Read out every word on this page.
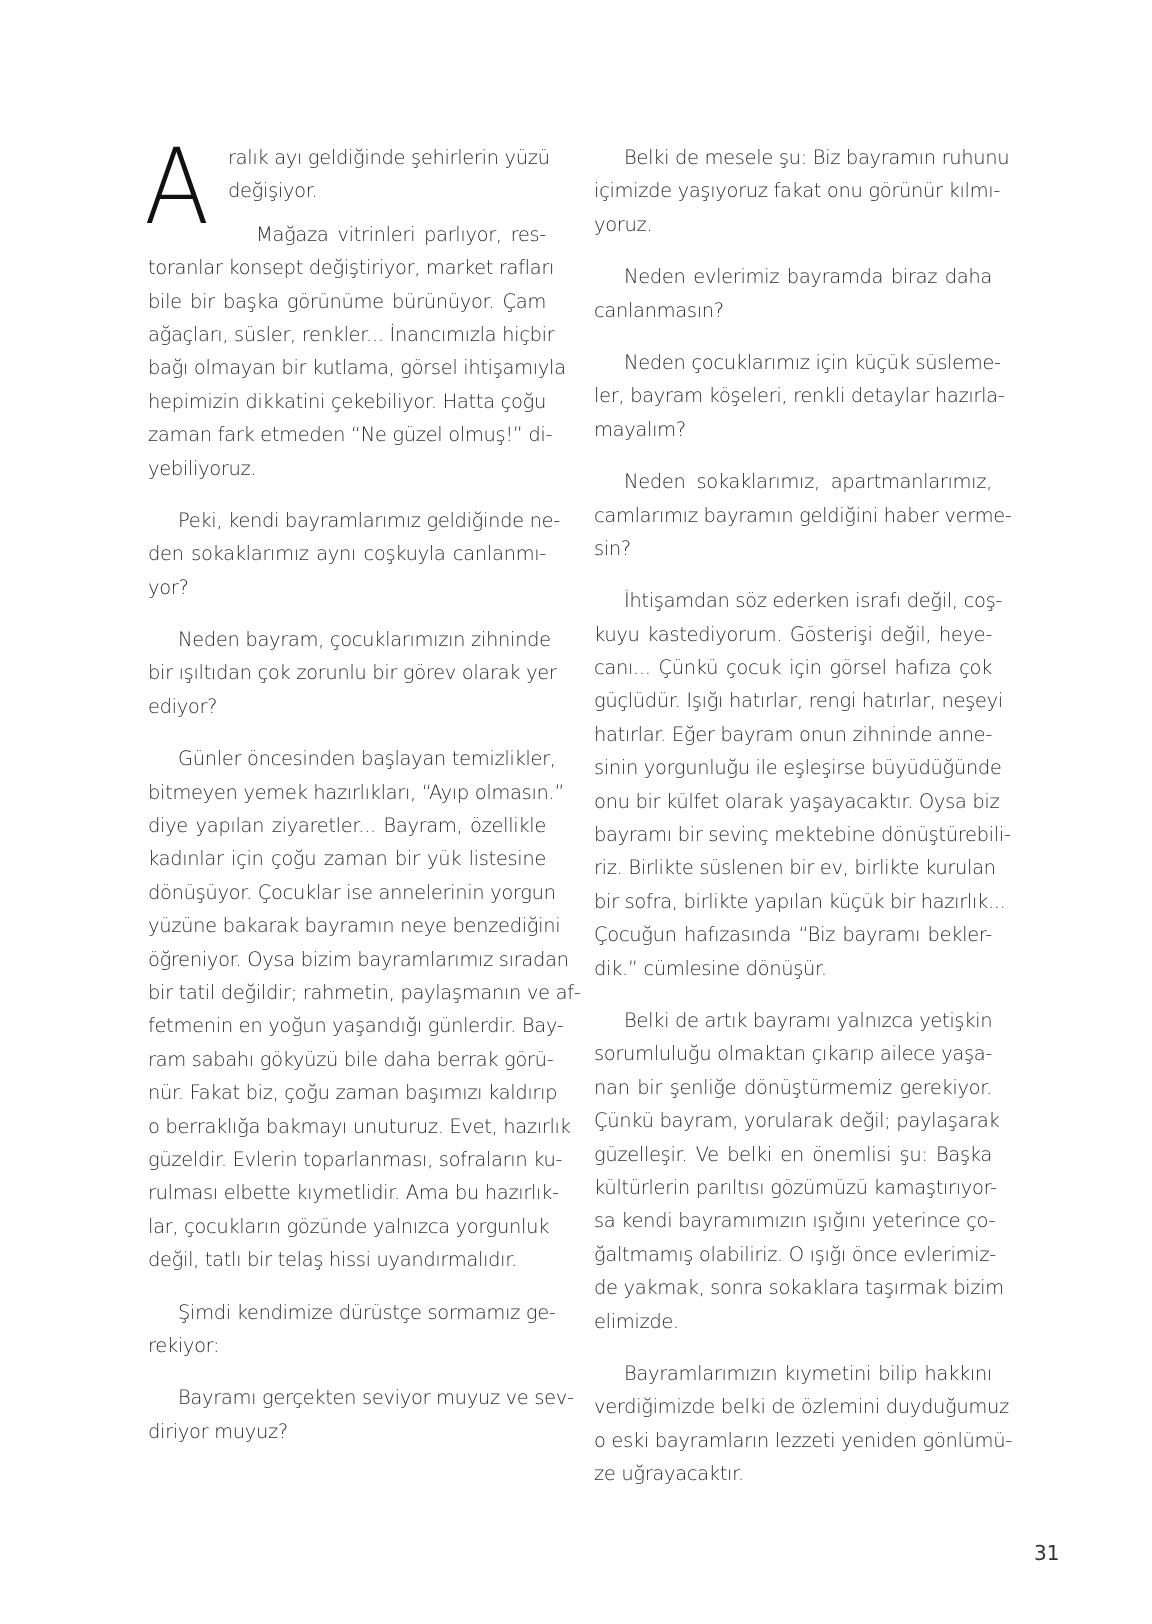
A ralık ayı geldiğinde şehirlerin yüzü
değişiyor.
Mağaza vitrinleri parlıyor, res-
toranlar konsept değiştiriyor, market rafları
bile bir başka görünüme bürünüyor. Çam
ağaçları, süsler, renkler... İnancımızla hiçbir
bağı olmayan bir kutlama, görsel ihtişamıyla
hepimizin dikkatini çekebiliyor. Hatta çoğu
zaman fark etmeden “Ne güzel olmuş!” di-
yebiliyoruz.
Peki, kendi bayramlarımız geldiğinde ne-
den sokaklarımız aynı coşkuyla canlanmı-
yor?
Neden bayram, çocuklarımızın zihninde
bir ışıltıdan çok zorunlu bir görev olarak yer
ediyor?
Günler öncesinden başlayan temizlikler,
bitmeyen yemek hazırlıkları, “Ayıp olmasın.”
diye yapılan ziyaretler... Bayram, özellikle
kadınlar için çoğu zaman bir yük listesine
dönüşüyor. Çocuklar ise annelerinin yorgun
yüzüne bakarak bayramın neye benzediğini
öğreniyor. Oysa bizim bayramlarımız sıradan
bir tatil değildir; rahmetin, paylaşmanın ve af-
fetmenin en yoğun yaşandığı günlerdir. Bay-
ram sabahı gökyüzü bile daha berrak görü-
nür. Fakat biz, çoğu zaman başımızı kaldırıp
o berraklığa bakmayı unuturuz. Evet, hazırlık
güzeldir. Evlerin toparlanması, sofraların ku-
rulması elbette kıymetlidir. Ama bu hazırlık-
lar, çocukların gözünde yalnızca yorgunluk
değil, tatlı bir telaş hissi uyandırmalıdır.
Şimdi kendimize dürüstçe sormamız ge-
rekiyor:
Bayramı gerçekten seviyor muyuz ve sev-
diriyor muyuz?
Belki de mesele şu: Biz bayramın ruhunu
içimizde yaşıyoruz fakat onu görünür kılmı-
yoruz.
Neden evlerimiz bayramda biraz daha
canlanmasın?
Neden çocuklarımız için küçük süsleme-
ler, bayram köşeleri, renkli detaylar hazırla-
mayalım?
Neden sokaklarımız, apartmanlarımız,
camlarımız bayramın geldiğini haber verme-
sin?
İhtişamdan söz ederken israfı değil, coş-
kuyu kastediyorum. Gösterişi değil, heye-
canı... Çünkü çocuk için görsel hafıza çok
güçlüdür. Işığı hatırlar, rengi hatırlar, neşeyi
hatırlar. Eğer bayram onun zihninde anne-
sinin yorgunluğu ile eşleşirse büyüdüğünde
onu bir külfet olarak yaşayacaktır. Oysa biz
bayramı bir sevinç mektebine dönüştürebili-
riz. Birlikte süslenen bir ev, birlikte kurulan
bir sofra, birlikte yapılan küçük bir hazırlık...
Çocuğun hafızasında “Biz bayramı bekler-
dik.” cümlesine dönüşür.
Belki de artık bayramı yalnızca yetişkin
sorumluluğu olmaktan çıkarıp ailece yaşa-
nan bir şenliğe dönüştürmemiz gerekiyor.
Çünkü bayram, yorularak değil; paylaşarak
güzelleşir. Ve belki en önemlisi şu: Başka
kültürlerin parıltısı gözümüzü kamaştırıyor-
sa kendi bayramımızın ışığını yeterince ço-
ğaltmamış olabiliriz. O ışığı önce evlerimiz-
de yakmak, sonra sokaklara taşırmak bizim
elimizde.
Bayramlarımızın kıymetini bilip hakkını
verdiğimizde belki de özlemini duyduğumuz
o eski bayramların lezzeti yeniden gönlümü-
ze uğrayacaktır.
31
